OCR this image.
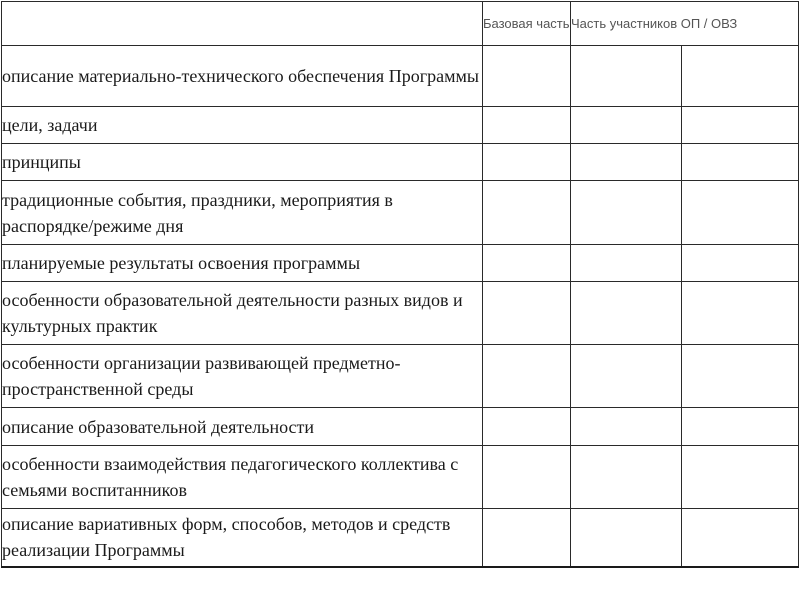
	Базовая часть	Часть участников ОП / ОВЗ	
описание материально-технического обеспечения Программы			
цели, задачи			
принципы			
традиционные события, праздники, мероприятия в распорядке/режиме дня			
планируемые результаты освоения программы			
особенности образовательной деятельности разных видов и культурных практик			
особенности организации развивающей предметно-пространственной среды			
описание образовательной деятельности			
особенности взаимодействия педагогического коллектива с семьями воспитанников			
описание вариативных форм, способов, методов и средств реализации Программы			
